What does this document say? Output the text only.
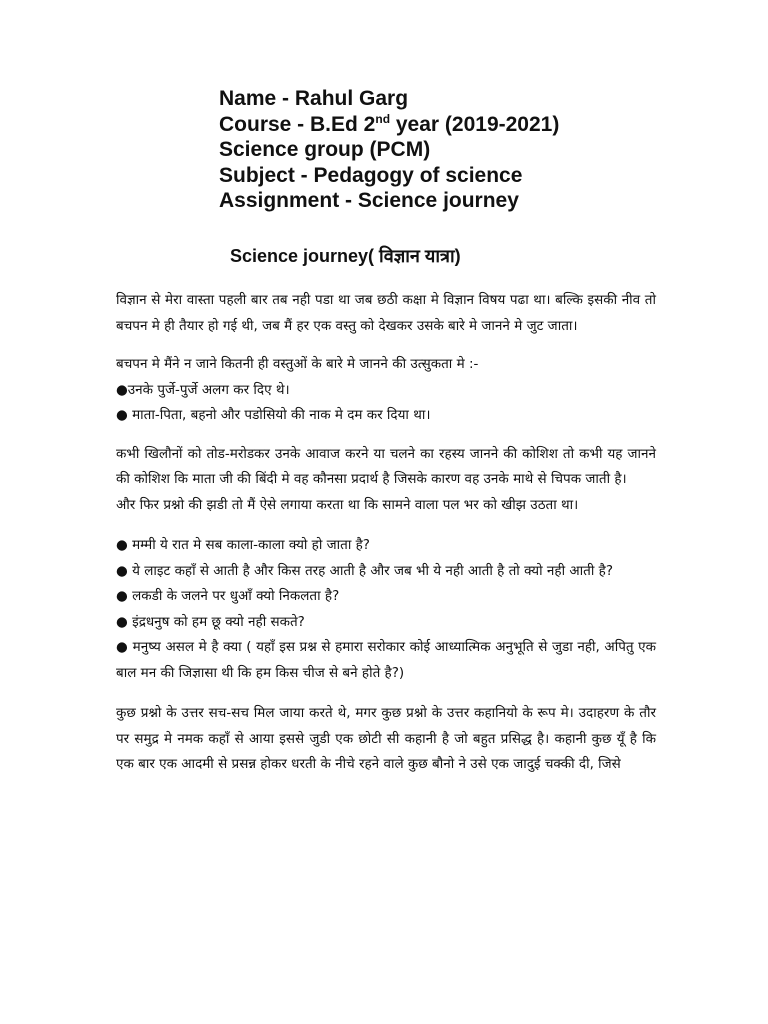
Name - Rahul Garg
Course - B.Ed 2nd year (2019-2021)
Science group (PCM)
Subject - Pedagogy of science
Assignment - Science journey
Science journey( विज्ञान यात्रा)

विज्ञान से मेरा वास्ता पहली बार तब नही पडा था जब छठी कक्षा मे विज्ञान विषय पढा था। बल्कि इसकी नीव तो बचपन मे ही तैयार हो गई थी, जब मैं हर एक वस्तु को देखकर उसके बारे मे जानने मे जुट जाता।

बचपन मे मैंने न जाने कितनी ही वस्तुओं के बारे मे जानने की उत्सुकता मे :-

●उनके पुर्जे-पुर्जे अलग कर दिए थे।

● माता-पिता, बहनो और पडोसियो की नाक मे दम कर दिया था।

कभी खिलौनों को तोड-मरोडकर उनके आवाज करने या चलने का रहस्य जानने की कोशिश तो कभी यह जानने की कोशिश कि माता जी की बिंदी मे वह कौनसा प्रदार्थ है जिसके कारण वह उनके माथे से चिपक जाती है।

और फिर प्रश्नो की झडी तो मैं ऐसे लगाया करता था कि सामने वाला पल भर को खीझ उठता था।

● मम्मी ये रात मे सब काला-काला क्यो हो जाता है?

● ये लाइट कहाँ से आती है और किस तरह आती है और जब भी ये नही आती है तो क्यो नही आती है?

● लकडी के जलने पर धुआँ क्यो निकलता है?

● इंद्रधनुष को हम छू क्यो नही सकते?

● मनुष्य असल मे है क्या ( यहाँ इस प्रश्न से हमारा सरोकार कोई आध्यात्मिक अनुभूति से जुडा नही, अपितु एक बाल मन की जिज्ञासा थी कि हम किस चीज से बने होते है?)

कुछ प्रश्नो के उत्तर सच-सच मिल जाया करते थे, मगर कुछ प्रश्नो के उत्तर कहानियो के रूप मे। उदाहरण के तौर पर समुद्र मे नमक कहाँ से आया इससे जुडी एक छोटी सी कहानी है जो बहुत प्रसिद्ध है। कहानी कुछ यूँ है कि एक बार एक आदमी से प्रसन्न होकर धरती के नीचे रहने वाले कुछ बौनो ने उसे एक जादुई चक्की दी, जिसे
